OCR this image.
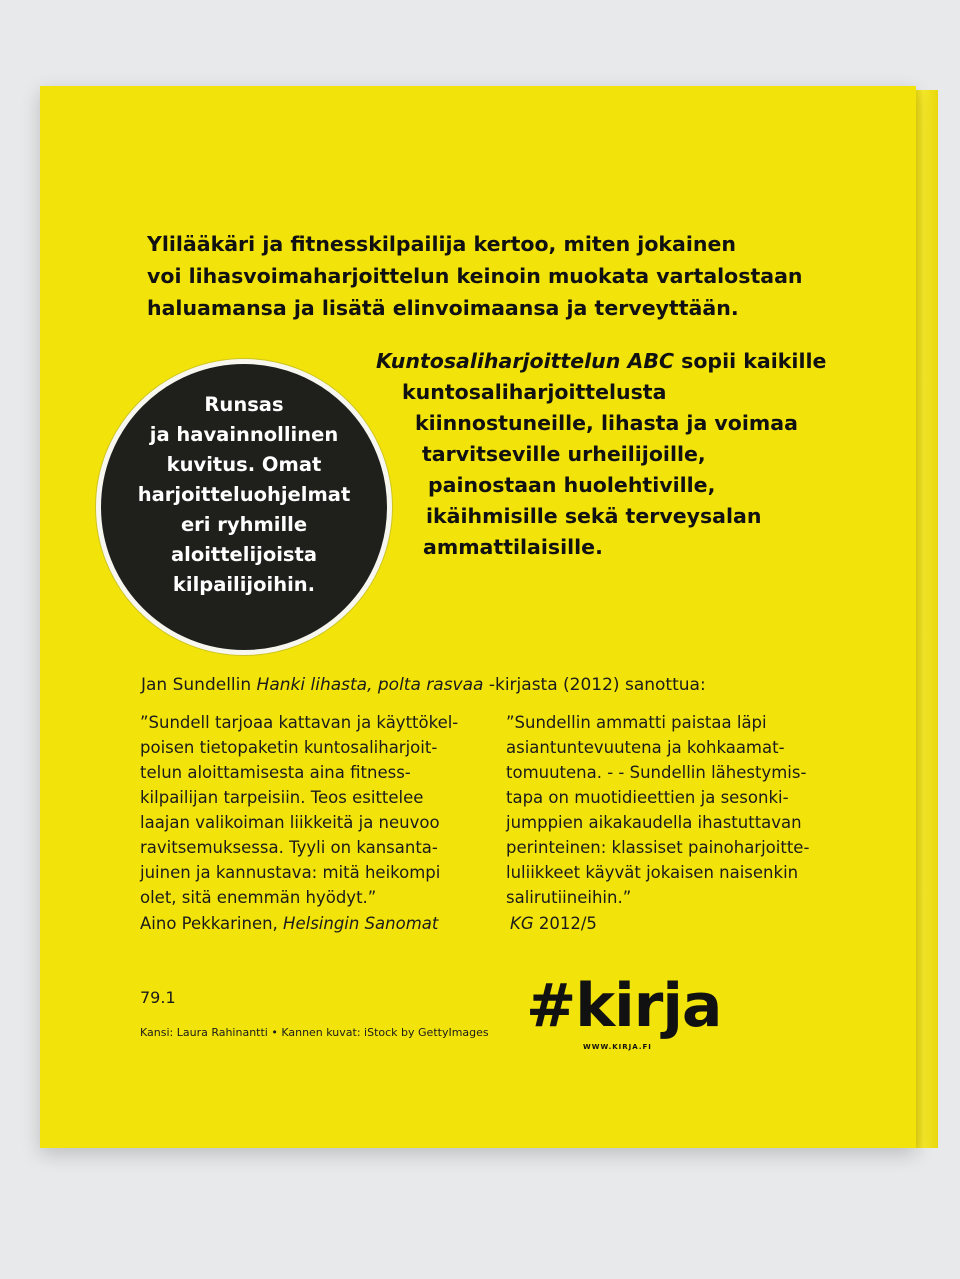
Ylilääkäri ja fitnesskilpailija kertoo, miten jokainen
voi lihasvoimaharjoittelun keinoin muokata vartalostaan
haluamansa ja lisätä elinvoimaansa ja terveyttään.
Kuntosaliharjoittelun ABC sopii kaikille
kuntosaliharjoittelusta
kiinnostuneille, lihasta ja voimaa
tarvitseville urheilijoille,
painostaan huolehtiville,
ikäihmisille sekä terveysalan
ammattilaisille.
Runsas
ja havainnollinen
kuvitus. Omat
harjoitteluohjelmat
eri ryhmille
aloittelijoista
kilpailijoihin.
Jan Sundellin Hanki lihasta, polta rasvaa -kirjasta (2012) sanottua:
”Sundell tarjoaa kattavan ja käyttökel-
poisen tietopaketin kuntosaliharjoit-
telun aloittamisesta aina fitness-
kilpailijan tarpeisiin. Teos esittelee
laajan valikoiman liikkeitä ja neuvoo
ravitsemuksessa. Tyyli on kansanta-
juinen ja kannustava: mitä heikompi
olet, sitä enemmän hyödyt.”
Aino Pekkarinen, Helsingin Sanomat
”Sundellin ammatti paistaa läpi
asiantuntevuutena ja kohkaamat-
tomuutena. - - Sundellin lähestymis-
tapa on muotidieettien ja sesonki-
jumppien aikakaudella ihastuttavan
perinteinen: klassiset painoharjoitte-
luliikkeet käyvät jokaisen naisenkin
salirutiineihin.”
KG 2012/5
79.1
Kansi: Laura Rahinantti • Kannen kuvat: iStock by GettyImages #kirja
WWW.KIRJA.FI
